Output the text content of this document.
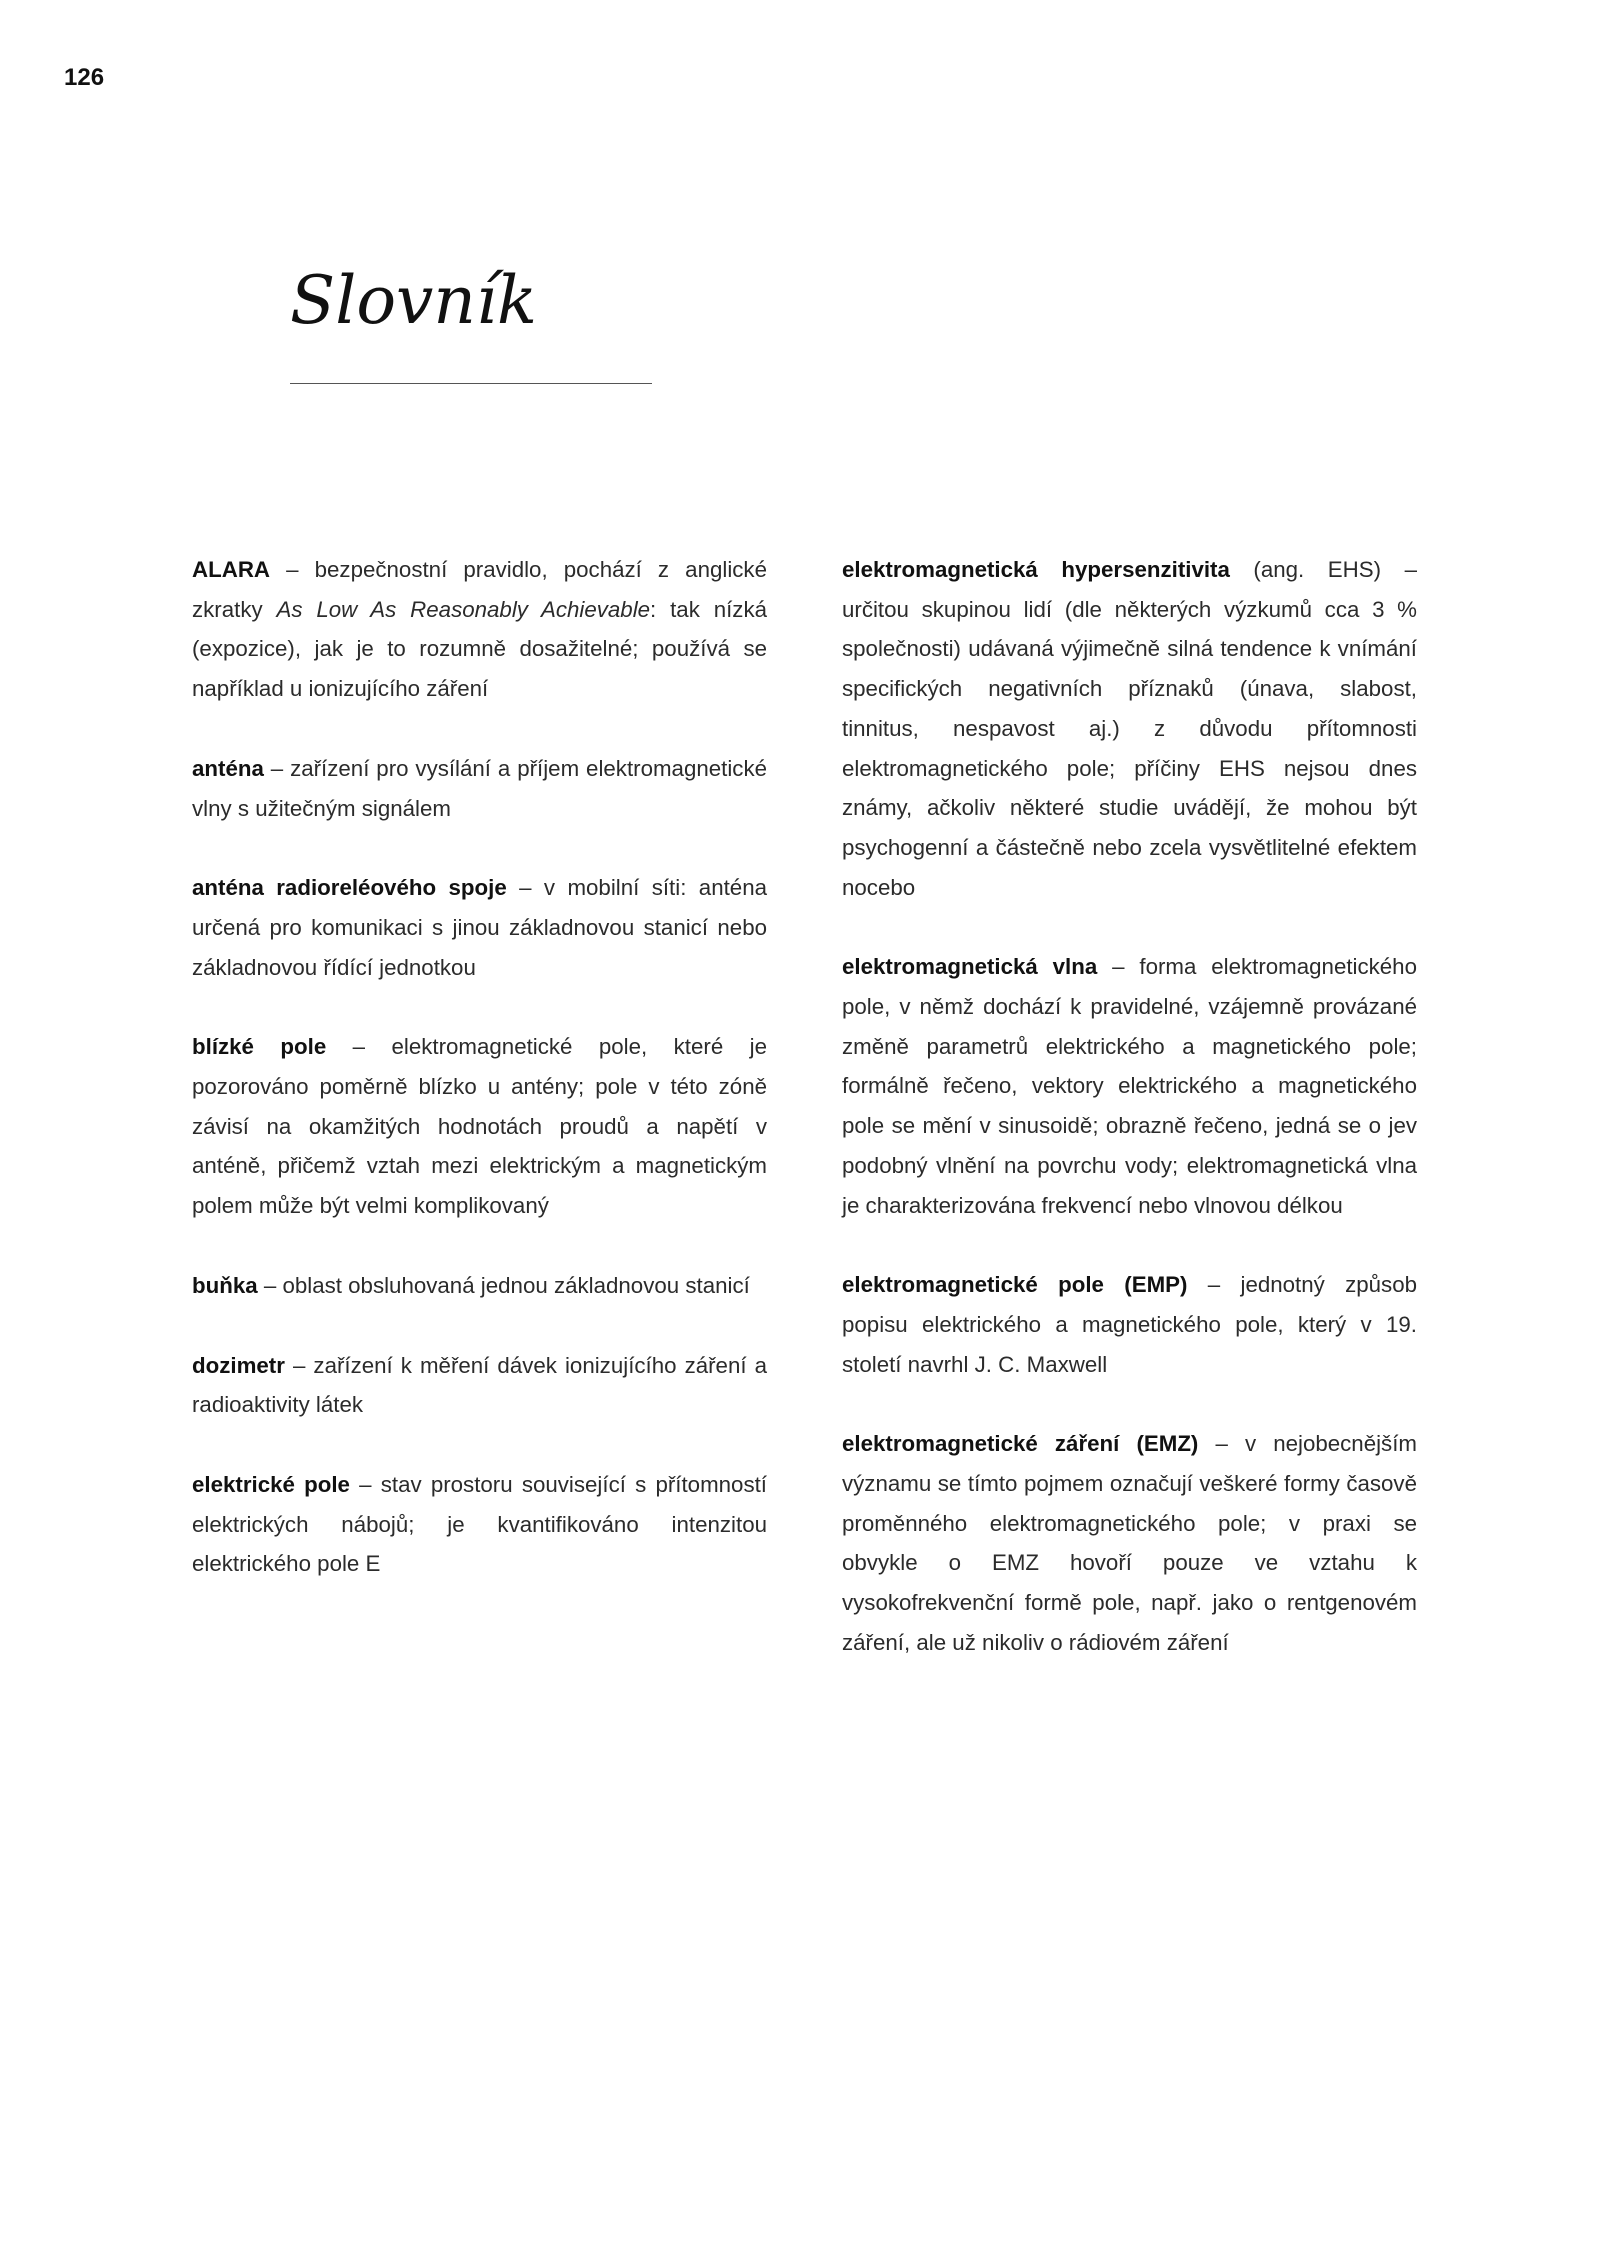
126
Slovník

ALARA – bezpečnostní pravidlo, pochází z anglické zkratky As Low As Reasonably Achievable: tak nízká (expozice), jak je to rozumně dosažitelné; používá se například u ionizujícího záření

anténa – zařízení pro vysílání a příjem elektromagnetické vlny s užitečným signálem

anténa radioreléového spoje – v mobilní síti: anténa určená pro komunikaci s jinou základnovou stanicí nebo základnovou řídící jednotkou

blízké pole – elektromagnetické pole, které je pozorováno poměrně blízko u antény; pole v této zóně závisí na okamžitých hodnotách proudů a napětí v anténě, přičemž vztah mezi elektrickým a magnetickým polem může být velmi komplikovaný

buňka – oblast obsluhovaná jednou základnovou stanicí

dozimetr – zařízení k měření dávek ionizujícího záření a radioaktivity látek

elektrické pole – stav prostoru související s přítomností elektrických nábojů; je kvantifikováno intenzitou elektrického pole E

elektromagnetická hypersenzitivita (ang. EHS) – určitou skupinou lidí (dle některých výzkumů cca 3 % společnosti) udávaná výjimečně silná tendence k vnímání specifických negativních příznaků (únava, slabost, tinnitus, nespavost aj.) z důvodu přítomnosti elektromagnetického pole; příčiny EHS nejsou dnes známy, ačkoliv některé studie uvádějí, že mohou být psychogenní a částečně nebo zcela vysvětlitelné efektem nocebo

elektromagnetická vlna – forma elektromagnetického pole, v němž dochází k pravidelné, vzájemně provázané změně parametrů elektrického a magnetického pole; formálně řečeno, vektory elektrického a magnetického pole se mění v sinusoidě; obrazně řečeno, jedná se o jev podobný vlnění na povrchu vody; elektromagnetická vlna je charakterizována frekvencí nebo vlnovou délkou

elektromagnetické pole (EMP) – jednotný způsob popisu elektrického a magnetického pole, který v 19. století navrhl J. C. Maxwell

elektromagnetické záření (EMZ) – v nejobecnějším významu se tímto pojmem označují veškeré formy časově proměnného elektromagnetického pole; v praxi se obvykle o EMZ hovoří pouze ve vztahu k vysokofrekvenční formě pole, např. jako o rentgenovém záření, ale už nikoliv o rádiovém záření
